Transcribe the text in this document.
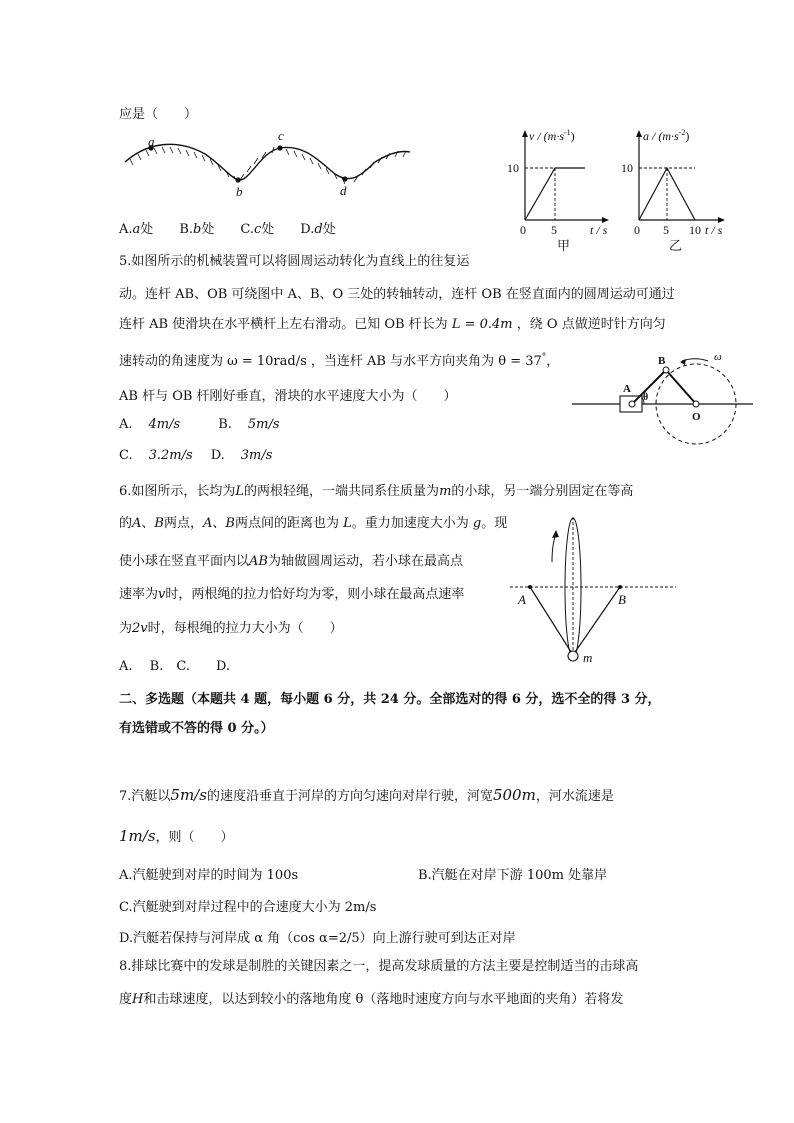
应是（　　）
a
b
c
d
A.a处 B.b处 C.c处 D.d处
$v / (m\cdot s^{-1})$
10
0 5	t / s
甲
$a / (m\cdot s^{-2})$
10
0 5 10 t / s
乙
5.如图所示的机械装置可以将圆周运动转化为直线上的往复运
动。连杆 AB、OB 可绕图中 A、B、O 三处的转轴转动，连杆 OB 在竖直面内的圆周运动可通过
连杆 AB 使滑块在水平横杆上左右滑动。已知 OB 杆长为 L = 0.4m ，绕 O 点做逆时针方向匀
速转动的角速度为 ω = 10rad/s ，当连杆 AB 与水平方向夹角为 θ = 37°，
AB 杆与 OB 杆刚好垂直，滑块的水平速度大小为（　　）
A. 4m/s	B. 5m/s
C. 3.2m/s D. 3m/s
A
B
O
θ
ω
6.如图所示，长均为L的两根轻绳，一端共同系住质量为m的小球，另一端分别固定在等高
的A、B两点，A、B两点间的距离也为 L。重力加速度大小为 g。现
使小球在竖直平面内以AB为轴做圆周运动，若小球在最高点
速率为v时，两根绳的拉力恰好均为零，则小球在最高点速率
为2v时，每根绳的拉力大小为（　　）
A.　 B.　C.　　D.
A	B
m
二、多选题（本题共 4 题，每小题 6 分，共 24 分。全部选对的得 6 分，选不全的得 3 分，
有选错或不答的得 0 分。）
7.汽艇以5m/s的速度沿垂直于河岸的方向匀速向对岸行驶，河宽500m，河水流速是
1m/s，则（　　）
A.汽艇驶到对岸的时间为 100s	B.汽艇在对岸下游 100m 处靠岸
C.汽艇驶到对岸过程中的合速度大小为 2m/s
D.汽艇若保持与河岸成 α 角（cos α=2/5）向上游行驶可到达正对岸
8.排球比赛中的发球是制胜的关键因素之一，提高发球质量的方法主要是控制适当的击球高
度H和击球速度，以达到较小的落地角度 θ（落地时速度方向与水平地面的夹角）若将发
